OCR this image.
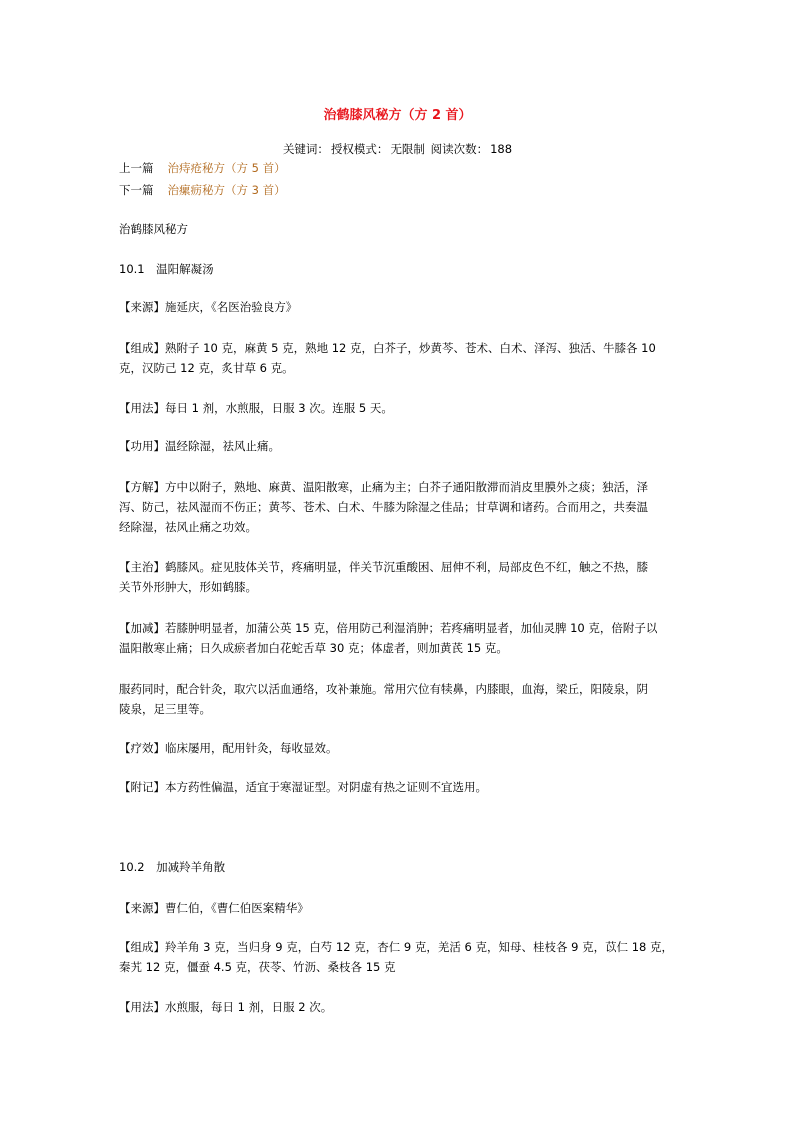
治鹤膝风秘方（方 2 首）
关键词： 授权模式： 无限制 阅读次数： 188
上一篇 治痔疮秘方（方 5 首）
下一篇 治瘰疬秘方（方 3 首）
治鹤膝风秘方
10.1　温阳解凝汤
【来源】施延庆，《名医治验良方》
【组成】熟附子 10 克，麻黄 5 克，熟地 12 克，白芥子，炒黄芩、苍术、白术、泽泻、独活、牛膝各 10
克，汉防己 12 克，炙甘草 6 克。
【用法】每日 1 剂，水煎服，日服 3 次。连服 5 天。
【功用】温经除湿，祛风止痛。
【方解】方中以附子，熟地、麻黄、温阳散寒，止痛为主；白芥子通阳散滞而消皮里膜外之痰；独活，泽
泻、防己，祛风湿而不伤正；黄芩、苍术、白术、牛膝为除湿之佳品；甘草调和诸药。合而用之，共奏温
经除湿，祛风止痛之功效。
【主治】鹤膝风。症见肢体关节，疼痛明显，伴关节沉重酸困、屈伸不利，局部皮色不红，触之不热，膝
关节外形肿大，形如鹤膝。
【加减】若膝肿明显者，加蒲公英 15 克，倍用防己利湿消肿；若疼痛明显者，加仙灵脾 10 克，倍附子以
温阳散寒止痛；日久成瘀者加白花蛇舌草 30 克；体虚者，则加黄芪 15 克。
服药同时，配合针灸，取穴以活血通络，攻补兼施。常用穴位有犊鼻，内膝眼，血海，梁丘，阳陵泉，阴
陵泉，足三里等。
【疗效】临床屡用，配用针灸，每收显效。
【附记】本方药性偏温，适宜于寒湿证型。对阴虚有热之证则不宜选用。
10.2　加减羚羊角散
【来源】曹仁伯，《曹仁伯医案精华》
【组成】羚羊角 3 克，当归身 9 克，白芍 12 克，杏仁 9 克，羌活 6 克，知母、桂枝各 9 克，苡仁 18 克，
秦艽 12 克，僵蚕 4.5 克，茯苓、竹沥、桑枝各 15 克
【用法】水煎服，每日 1 剂，日服 2 次。
